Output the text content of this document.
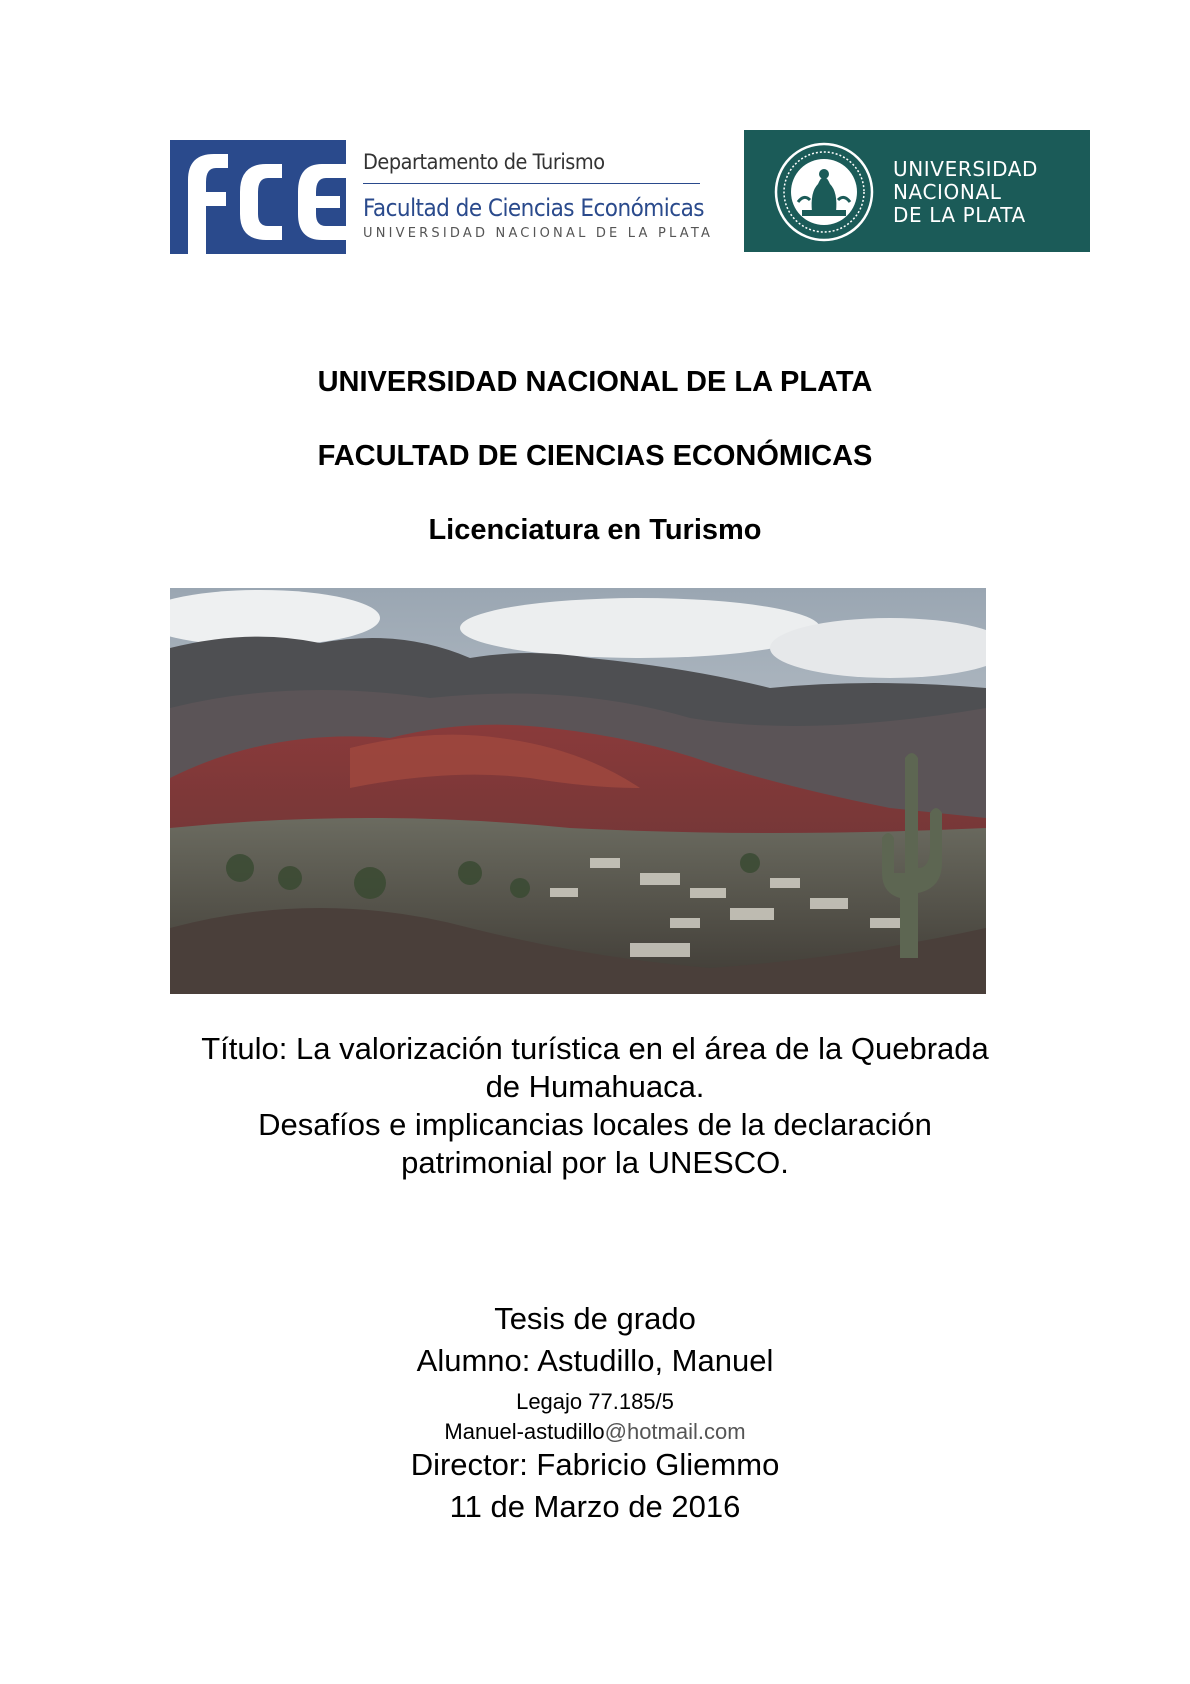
Departamento de Turismo
Facultad de Ciencias Económicas
UNIVERSIDAD NACIONAL DE LA PLATA
UNIVERSIDAD
NACIONAL
DE LA PLATA
UNIVERSIDAD NACIONAL DE LA PLATA
FACULTAD DE CIENCIAS ECONÓMICAS
Licenciatura en Turismo
Título: La valorización turística en el área de la Quebrada
de Humahuaca.
Desafíos e implicancias locales de la declaración
patrimonial por la UNESCO.
Tesis de grado
Alumno: Astudillo, Manuel
Legajo 77.185/5
Manuel-astudillo@hotmail.com
Director: Fabricio Gliemmo
11 de Marzo de 2016
